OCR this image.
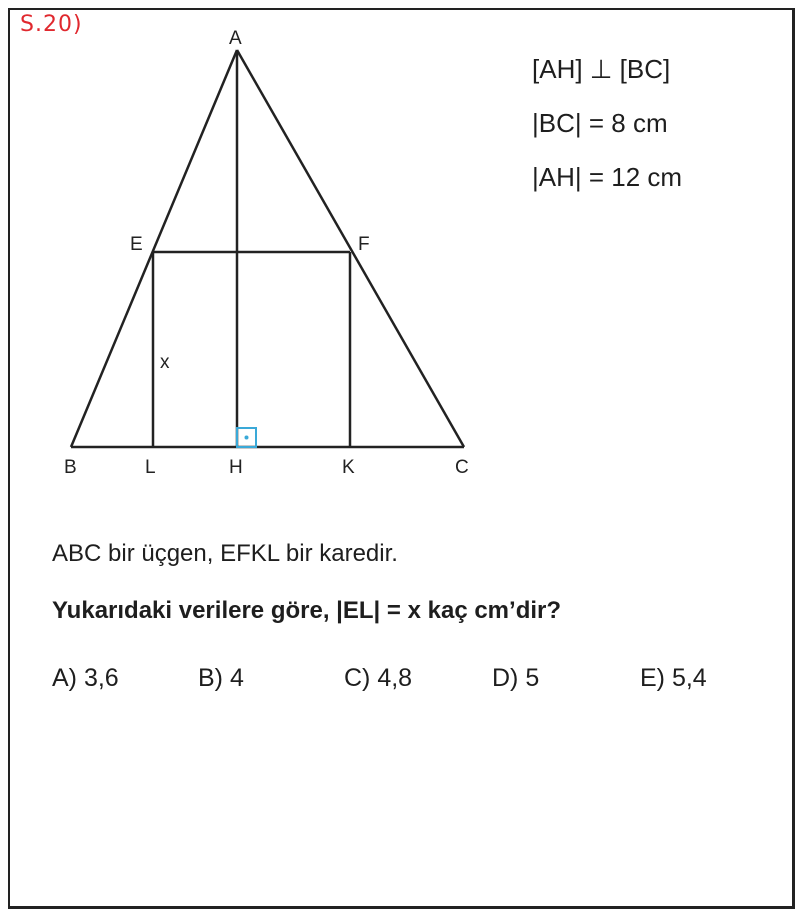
S.20)
A
E	F
x
B	L	H	K	C
[AH] ⊥ [BC]
|BC| = 8 cm
|AH| = 12 cm
ABC bir üçgen, EFKL bir karedir.
Yukarıdaki verilere göre, |EL| = x kaç cm’dir?
A) 3,6	B) 4	C) 4,8	D) 5	E) 5,4
